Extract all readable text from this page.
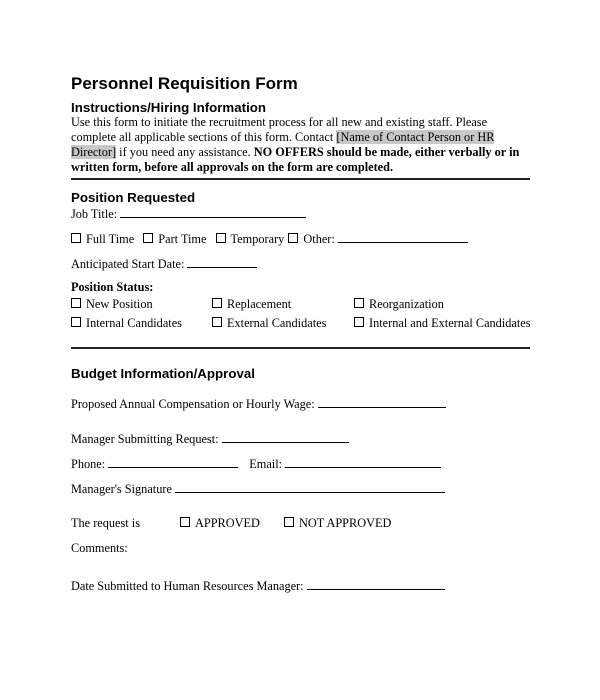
Personnel Requisition Form
Instructions/Hiring Information
Use this form to initiate the recruitment process for all new and existing staff. Please complete all applicable sections of this form. Contact [Name of Contact Person or HR Director] if you need any assistance. NO OFFERS should be made, either verbally or in written form, before all approvals on the form are completed.
Position Requested
Job Title:
Full Time Part Time Temporary Other:
Anticipated Start Date:
Position Status:
New Position	Replacement	Reorganization
Internal Candidates	External Candidates	Internal and External Candidates
Budget Information/Approval
Proposed Annual Compensation or Hourly Wage:
Manager Submitting Request:
Phone:	Email:
Manager's Signature
The request is	APPROVED	NOT APPROVED
Comments:
Date Submitted to Human Resources Manager:
